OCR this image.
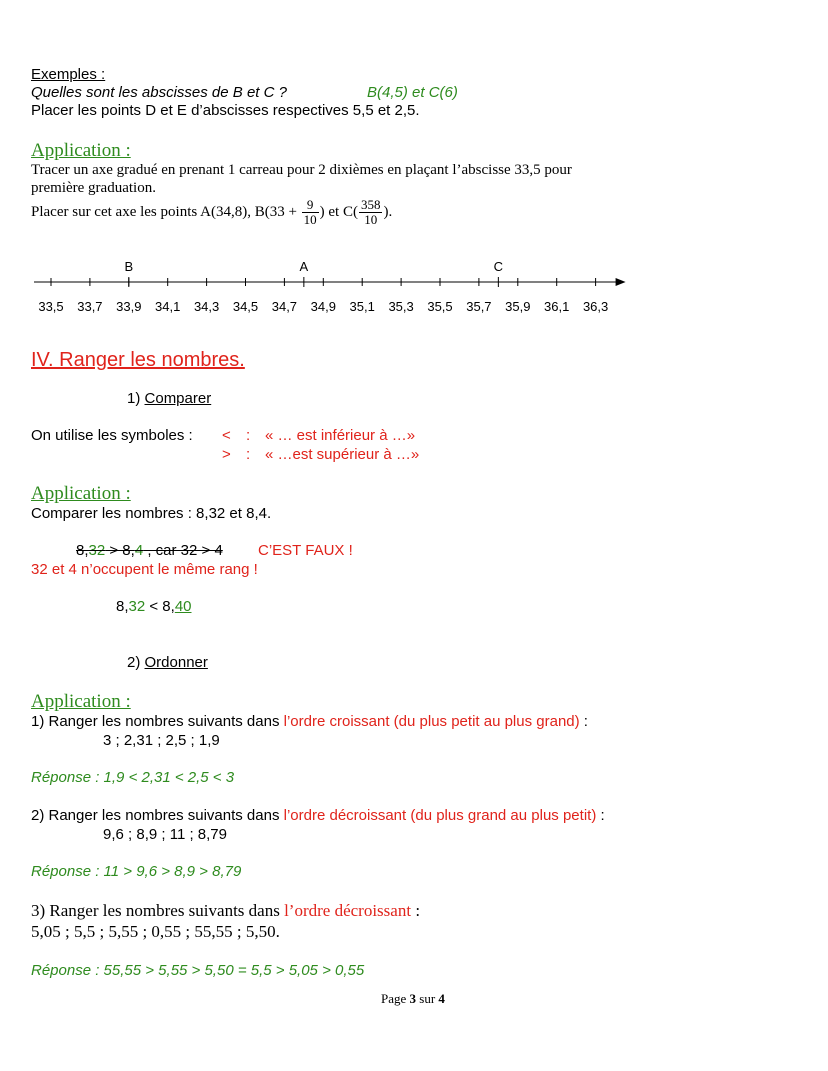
Exemples :
Quelles sont les abscisses de B et C ?	B(4,5) et C(6)
Placer les points D et E d’abscisses respectives 5,5 et 2,5.
Application :
Tracer un axe gradué en prenant 1 carreau pour 2 dixièmes en plaçant l’abscisse 33,5 pour
première graduation.
Placer sur cet axe les points A(34,8), $B(33 + \frac{9}{10}$ ) et $C( \frac{358}{10}$ ).
33,5 33,7 33,9 34,1 34,3 34,5 34,7 34,9 35,1 35,3 35,5 35,7 35,9 36,1 36,3
B	A	C
IV. Ranger les nombres.
1) Comparer
On utilise les symboles : < : « … est inférieur à …»
> : « …est supérieur à …»
Application :
Comparer les nombres : 8,32 et 8,4.
8,32 > 8,4 , car 32 > 4 C’EST FAUX !
32 et 4 n’occupent le même rang !
8,32 < 8,40
2) Ordonner
Application :
1) Ranger les nombres suivants dans l’ordre croissant (du plus petit au plus grand) :
3 ; 2,31 ; 2,5 ; 1,9
Réponse : 1,9 < 2,31 < 2,5 < 3
2) Ranger les nombres suivants dans l’ordre décroissant (du plus grand au plus petit) :
9,6 ; 8,9 ; 11 ; 8,79
Réponse : 11 > 9,6 > 8,9 > 8,79
3) Ranger les nombres suivants dans l’ordre décroissant :
5,05 ; 5,5 ; 5,55 ; 0,55 ; 55,55 ; 5,50.
Réponse : 55,55 > 5,55 > 5,50 = 5,5 > 5,05 > 0,55
Page 3 sur 4
